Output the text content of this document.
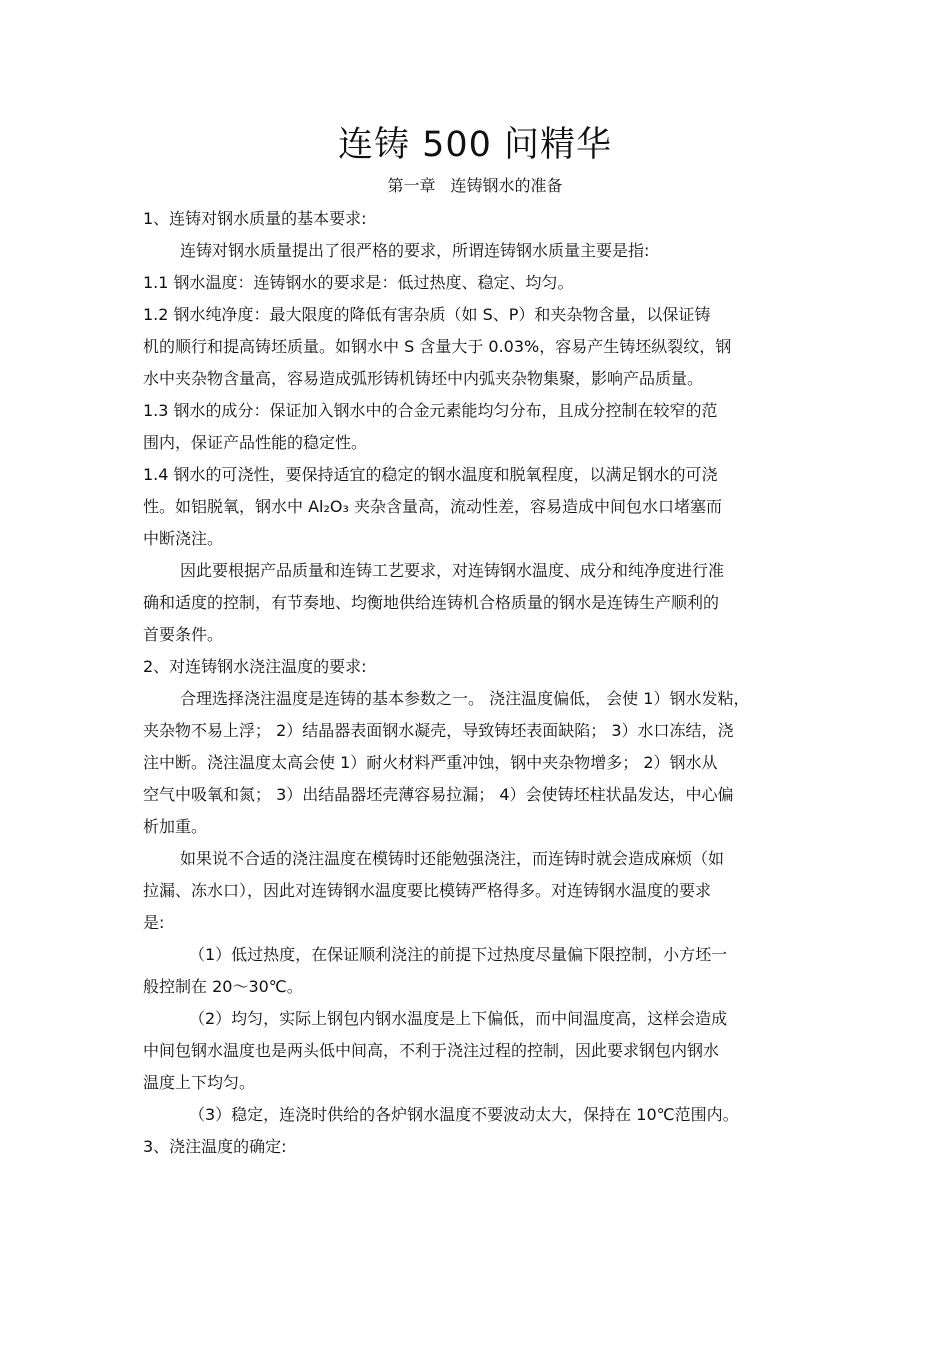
连铸 500 问精华
第一章 连铸钢水的准备
1、连铸对钢水质量的基本要求:
连铸对钢水质量提出了很严格的要求，所谓连铸钢水质量主要是指:
1.1 钢水温度：连铸钢水的要求是：低过热度、稳定、均匀。
1.2 钢水纯净度：最大限度的降低有害杂质（如 S、P）和夹杂物含量，以保证铸
机的顺行和提高铸坯质量。如钢水中 S 含量大于 0.03%，容易产生铸坯纵裂纹，钢
水中夹杂物含量高，容易造成弧形铸机铸坯中内弧夹杂物集聚，影响产品质量。
1.3 钢水的成分：保证加入钢水中的合金元素能均匀分布，且成分控制在较窄的范
围内，保证产品性能的稳定性。
1.4 钢水的可浇性，要保持适宜的稳定的钢水温度和脱氧程度，以满足钢水的可浇
性。如铝脱氧，钢水中 Al₂O₃ 夹杂含量高，流动性差，容易造成中间包水口堵塞而
中断浇注。
因此要根据产品质量和连铸工艺要求，对连铸钢水温度、成分和纯净度进行准
确和适度的控制，有节奏地、均衡地供给连铸机合格质量的钢水是连铸生产顺利的
首要条件。
2、对连铸钢水浇注温度的要求:
合理选择浇注温度是连铸的基本参数之一。 浇注温度偏低， 会使 1）钢水发粘，
夹杂物不易上浮； 2）结晶器表面钢水凝壳，导致铸坯表面缺陷； 3）水口冻结，浇
注中断。浇注温度太高会使 1）耐火材料严重冲蚀，钢中夹杂物增多； 2）钢水从
空气中吸氧和氮； 3）出结晶器坯壳薄容易拉漏； 4）会使铸坯柱状晶发达，中心偏
析加重。
如果说不合适的浇注温度在模铸时还能勉强浇注，而连铸时就会造成麻烦（如
拉漏、冻水口），因此对连铸钢水温度要比模铸严格得多。对连铸钢水温度的要求
是:
（1）低过热度，在保证顺利浇注的前提下过热度尽量偏下限控制，小方坯一
般控制在 20～30℃。
（2）均匀，实际上钢包内钢水温度是上下偏低，而中间温度高，这样会造成
中间包钢水温度也是两头低中间高，不利于浇注过程的控制，因此要求钢包内钢水
温度上下均匀。
（3）稳定，连浇时供给的各炉钢水温度不要波动太大，保持在 10℃范围内。
3、浇注温度的确定:
